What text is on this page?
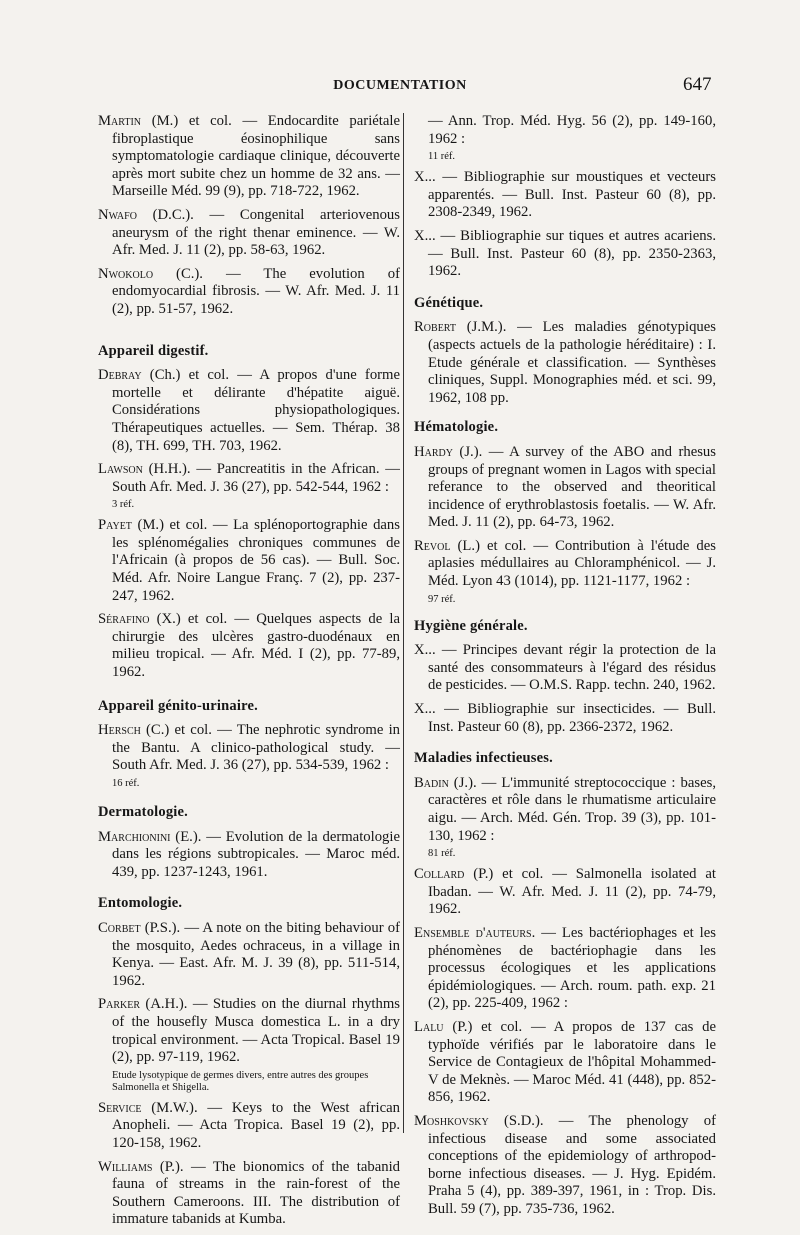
DOCUMENTATION	647

Martin (M.) et col. — Endocardite pariétale fibroplastique éosinophilique sans symptomatologie cardiaque clinique, découverte après mort subite chez un homme de 32 ans. — Marseille Méd. 99 (9), pp. 718-722, 1962.

Nwafo (D.C.). — Congenital arteriovenous aneurysm of the right thenar eminence. — W. Afr. Med. J. 11 (2), pp. 58-63, 1962.

Nwokolo (C.). — The evolution of endomyocardial fibrosis. — W. Afr. Med. J. 11 (2), pp. 51-57, 1962.

Appareil digestif.

Debray (Ch.) et col. — A propos d'une forme mortelle et délirante d'hépatite aiguë. Considérations physiopathologiques. Thérapeutiques actuelles. — Sem. Thérap. 38 (8), TH. 699, TH. 703, 1962.

Lawson (H.H.). — Pancreatitis in the African. — South Afr. Med. J. 36 (27), pp. 542-544, 1962 :

3 réf.

Payet (M.) et col. — La splénoportographie dans les splénomégalies chroniques communes de l'Africain (à propos de 56 cas). — Bull. Soc. Méd. Afr. Noire Langue Franç. 7 (2), pp. 237-247, 1962.

Sérafino (X.) et col. — Quelques aspects de la chirurgie des ulcères gastro-duodénaux en milieu tropical. — Afr. Méd. I (2), pp. 77-89, 1962.

Appareil génito-urinaire.

Hersch (C.) et col. — The nephrotic syndrome in the Bantu. A clinico-pathological study. — South Afr. Med. J. 36 (27), pp. 534-539, 1962 :

16 réf.
Dermatologie.

Marchionini (E.). — Evolution de la dermatologie dans les régions subtropicales. — Maroc méd. 439, pp. 1237-1243, 1961.

Entomologie.

Corbet (P.S.). — A note on the biting behaviour of the mosquito, Aedes ochraceus, in a village in Kenya. — East. Afr. M. J. 39 (8), pp. 511-514, 1962.

Parker (A.H.). — Studies on the diurnal rhythms of the housefly Musca domestica L. in a dry tropical environment. — Acta Tropical. Basel 19 (2), pp. 97-119, 1962.

Etude lysotypique de germes divers, entre autres des groupes Salmonella et Shigella.

Service (M.W.). — Keys to the West african Anopheli. — Acta Tropica. Basel 19 (2), pp. 120-158, 1962.

Williams (P.). — The bionomics of the tabanid fauna of streams in the rain-forest of the Southern Cameroons. III. The distribution of immature tabanids at Kumba.

— Ann. Trop. Méd. Hyg. 56 (2), pp. 149-160, 1962 :

11 réf.

X... — Bibliographie sur moustiques et vecteurs apparentés. — Bull. Inst. Pasteur 60 (8), pp. 2308-2349, 1962.

X... — Bibliographie sur tiques et autres acariens. — Bull. Inst. Pasteur 60 (8), pp. 2350-2363, 1962.

Génétique.

Robert (J.M.). — Les maladies génotypiques (aspects actuels de la pathologie héréditaire) : I. Etude générale et classification. — Synthèses cliniques, Suppl. Monographies méd. et sci. 99, 1962, 108 pp.

Hématologie.

Hardy (J.). — A survey of the ABO and rhesus groups of pregnant women in Lagos with special referance to the observed and theoritical incidence of erythroblastosis foetalis. — W. Afr. Med. J. 11 (2), pp. 64-73, 1962.

Revol (L.) et col. — Contribution à l'étude des aplasies médullaires au Chloramphénicol. — J. Méd. Lyon 43 (1014), pp. 1121-1177, 1962 :

97 réf.
Hygiène générale.

X... — Principes devant régir la protection de la santé des consommateurs à l'égard des résidus de pesticides. — O.M.S. Rapp. techn. 240, 1962.

X... — Bibliographie sur insecticides. — Bull. Inst. Pasteur 60 (8), pp. 2366-2372, 1962.

Maladies infectieuses.

Badin (J.). — L'immunité streptococcique : bases, caractères et rôle dans le rhumatisme articulaire aigu. — Arch. Méd. Gén. Trop. 39 (3), pp. 101-130, 1962 :

81 réf.

Collard (P.) et col. — Salmonella isolated at Ibadan. — W. Afr. Med. J. 11 (2), pp. 74-79, 1962.

Ensemble d'auteurs. — Les bactériophages et les phénomènes de bactériophagie dans les processus écologiques et les applications épidémiologiques. — Arch. roum. path. exp. 21 (2), pp. 225-409, 1962 :

Lalu (P.) et col. — A propos de 137 cas de typhoïde vérifiés par le laboratoire dans le Service de Contagieux de l'hôpital Mohammed-V de Meknès. — Maroc Méd. 41 (448), pp. 852-856, 1962.

Moshkovsky (S.D.). — The phenology of infectious disease and some associated conceptions of the epidemiology of arthropod-borne infectious diseases. — J. Hyg. Epidém. Praha 5 (4), pp. 389-397, 1961, in : Trop. Dis. Bull. 59 (7), pp. 735-736, 1962.
